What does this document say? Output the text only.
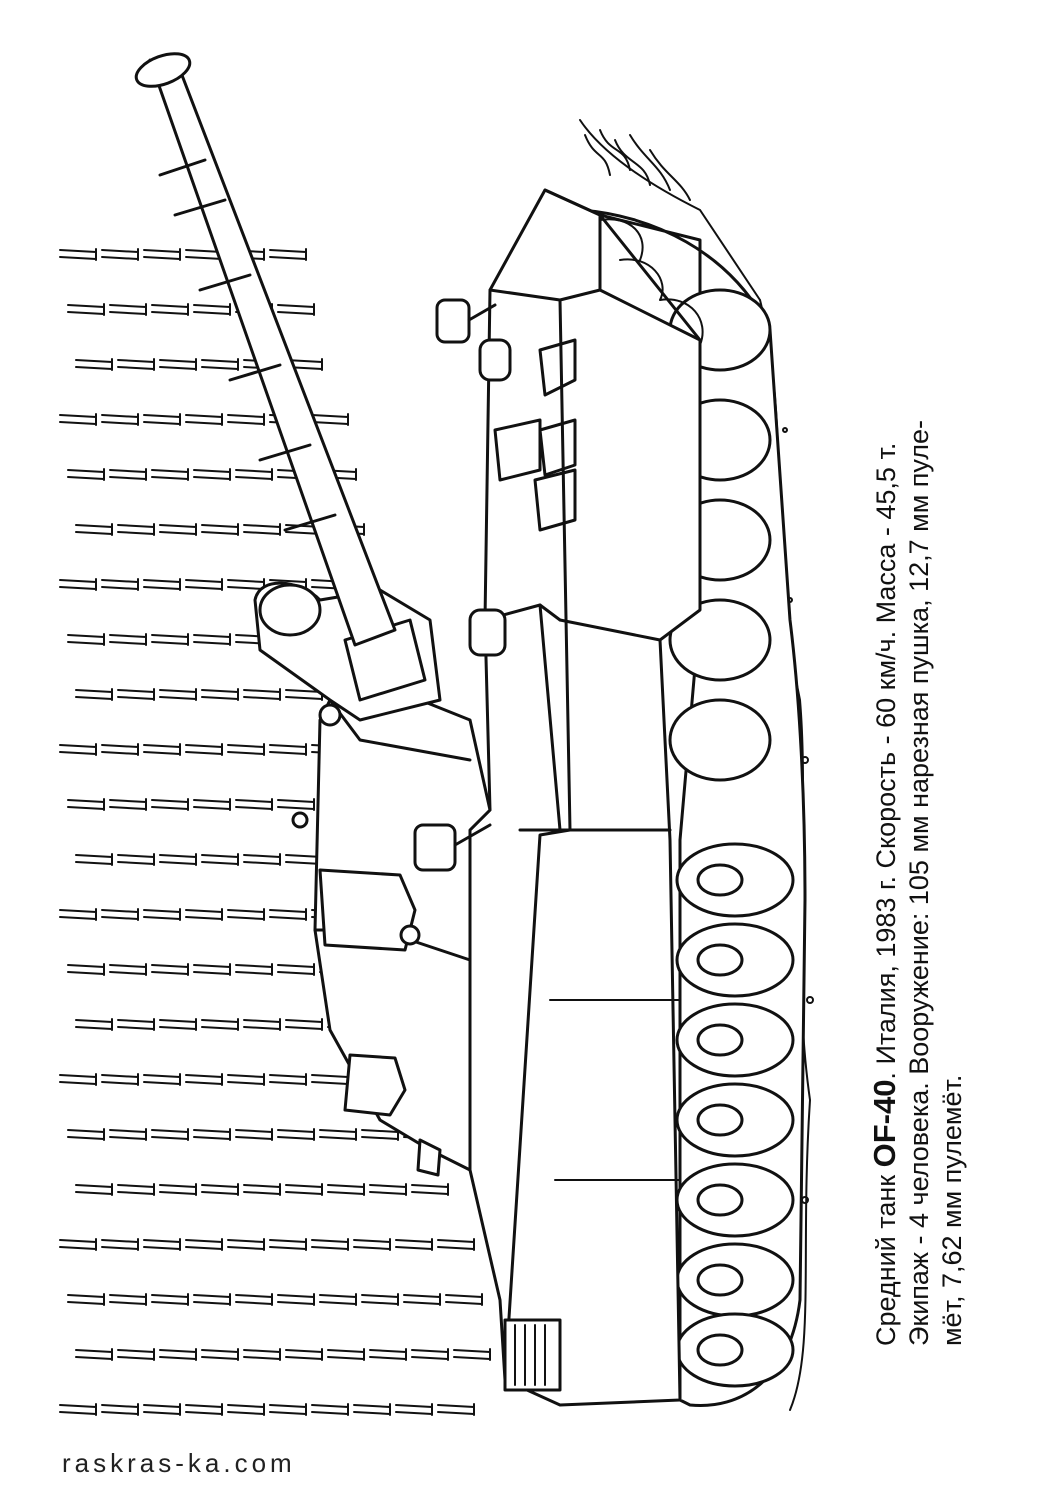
Средний танк OF-40. Италия, 1983 г. Скорость - 60 км/ч. Масса - 45,5 т. Экипаж - 4 человека. Вооружение: 105 мм нарезная пушка, 12,7 мм пуле- мёт, 7,62 мм пулемёт.
raskras-ka.com
